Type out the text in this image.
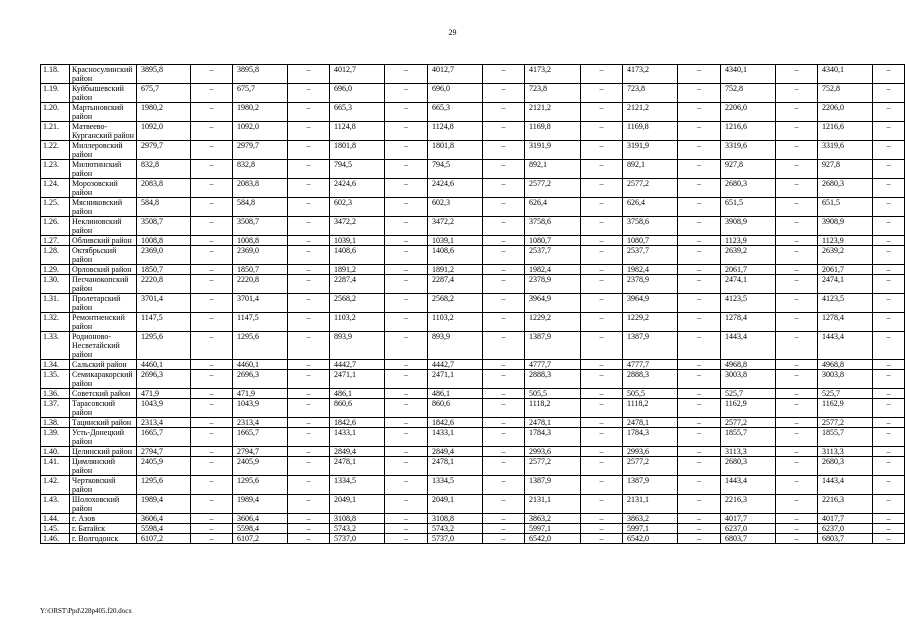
29
1.18.	Красносулинский район	3895,8	–	3895,8	–	4012,7	–	4012,7	–	4173,2	–	4173,2	–	4340,1	–	4340,1	–
1.19.	Куйбышевский район	675,7	–	675,7	–	696,0	–	696,0	–	723,8	–	723,8	–	752,8	–	752,8	–
1.20.	Мартыновский район	1980,2	–	1980,2	–	665,3	–	665,3	–	2121,2	–	2121,2	–	2206,0	–	2206,0	–
1.21.	Матвеево-Курганский район	1092,0	–	1092,0	–	1124,8	–	1124,8	–	1169,8	–	1169,8	–	1216,6	–	1216,6	–
1.22.	Миллеровский район	2979,7	–	2979,7	–	1801,8	–	1801,8	–	3191,9	–	3191,9	–	3319,6	–	3319,6	–
1.23.	Милютинский район	832,8	–	832,8	–	794,5	–	794,5	–	892,1	–	892,1	–	927,8	–	927,8	–
1.24.	Морозовский район	2083,8	–	2083,8	–	2424,6	–	2424,6	–	2577,2	–	2577,2	–	2680,3	–	2680,3	–
1.25.	Мясниковский район	584,8	–	584,8	–	602,3	–	602,3	–	626,4	–	626,4	–	651,5	–	651,5	–
1.26.	Неклиновский район	3508,7	–	3508,7	–	3472,2	–	3472,2	–	3758,6	–	3758,6	–	3908,9	–	3908,9	–
1.27.	Обливский район	1008,8	–	1008,8	–	1039,1	–	1039,1	–	1080,7	–	1080,7	–	1123,9	–	1123,9	–
1.28.	Октябрьский район	2369,0	–	2369,0	–	1408,6	–	1408,6	–	2537,7	–	2537,7	–	2639,2	–	2639,2	–
1.29.	Орловский район	1850,7	–	1850,7	–	1891,2	–	1891,2	–	1982,4	–	1982,4	–	2061,7	–	2061,7	–
1.30.	Песчанокопский район	2220,8	–	2220,8	–	2287,4	–	2287,4	–	2378,9	–	2378,9	–	2474,1	–	2474,1	–
1.31.	Пролетарский район	3701,4	–	3701,4	–	2568,2	–	2568,2	–	3964,9	–	3964,9	–	4123,5	–	4123,5	–
1.32.	Ремонтненский район	1147,5	–	1147,5	–	1103,2	–	1103,2	–	1229,2	–	1229,2	–	1278,4	–	1278,4	–
1.33.	Родионово-Несветайский район	1295,6	–	1295,6	–	893,9	–	893,9	–	1387,9	–	1387,9	–	1443,4	–	1443,4	–
1.34.	Сальский район	4460,1	–	4460,1	–	4442,7	–	4442,7	–	4777,7	–	4777,7	–	4968,8	–	4968,8	–
1.35.	Семикаракорский район	2696,3	–	2696,3	–	2471,1	–	2471,1	–	2888,3	–	2888,3	–	3003,8	–	3003,8	–
1.36.	Советский район	471,9	–	471,9	–	486,1	–	486,1	–	505,5	–	505,5	–	525,7	–	525,7	–
1.37.	Тарасовский район	1043,9	–	1043,9	–	860,6	–	860,6	–	1118,2	–	1118,2	–	1162,9	–	1162,9	–
1.38.	Тацинский район	2313,4	–	2313,4	–	1842,6	–	1842,6	–	2478,1	–	2478,1	–	2577,2	–	2577,2	–
1.39.	Усть-Донецкий район	1665,7	–	1665,7	–	1433,1	–	1433,1	–	1784,3	–	1784,3	–	1855,7	–	1855,7	–
1.40.	Целинский район	2794,7	–	2794,7	–	2849,4	–	2849,4	–	2993,6	–	2993,6	–	3113,3	–	3113,3	–
1.41.	Цимлянский район	2405,9	–	2405,9	–	2478,1	–	2478,1	–	2577,2	–	2577,2	–	2680,3	–	2680,3	–
1.42.	Чертковский район	1295,6	–	1295,6	–	1334,5	–	1334,5	–	1387,9	–	1387,9	–	1443,4	–	1443,4	–
1.43.	Шолоховский район	1989,4	–	1989,4	–	2049,1	–	2049,1	–	2131,1	–	2131,1	–	2216,3	–	2216,3	–
1.44.	г. Азов	3606,4	–	3606,4	–	3108,8	–	3108,8	–	3863,2	–	3863,2	–	4017,7	–	4017,7	–
1.45.	г. Батайск	5598,4	–	5598,4	–	5743,2	–	5743,2	–	5997,1	–	5997,1	–	6237,0	–	6237,0	–
1.46.	г. Волгодонск	6107,2	–	6107,2	–	5737,0	–	5737,0	–	6542,0	–	6542,0	–	6803,7	–	6803,7	–
Y:\ORST\Ppd\228p405.f20.docx
